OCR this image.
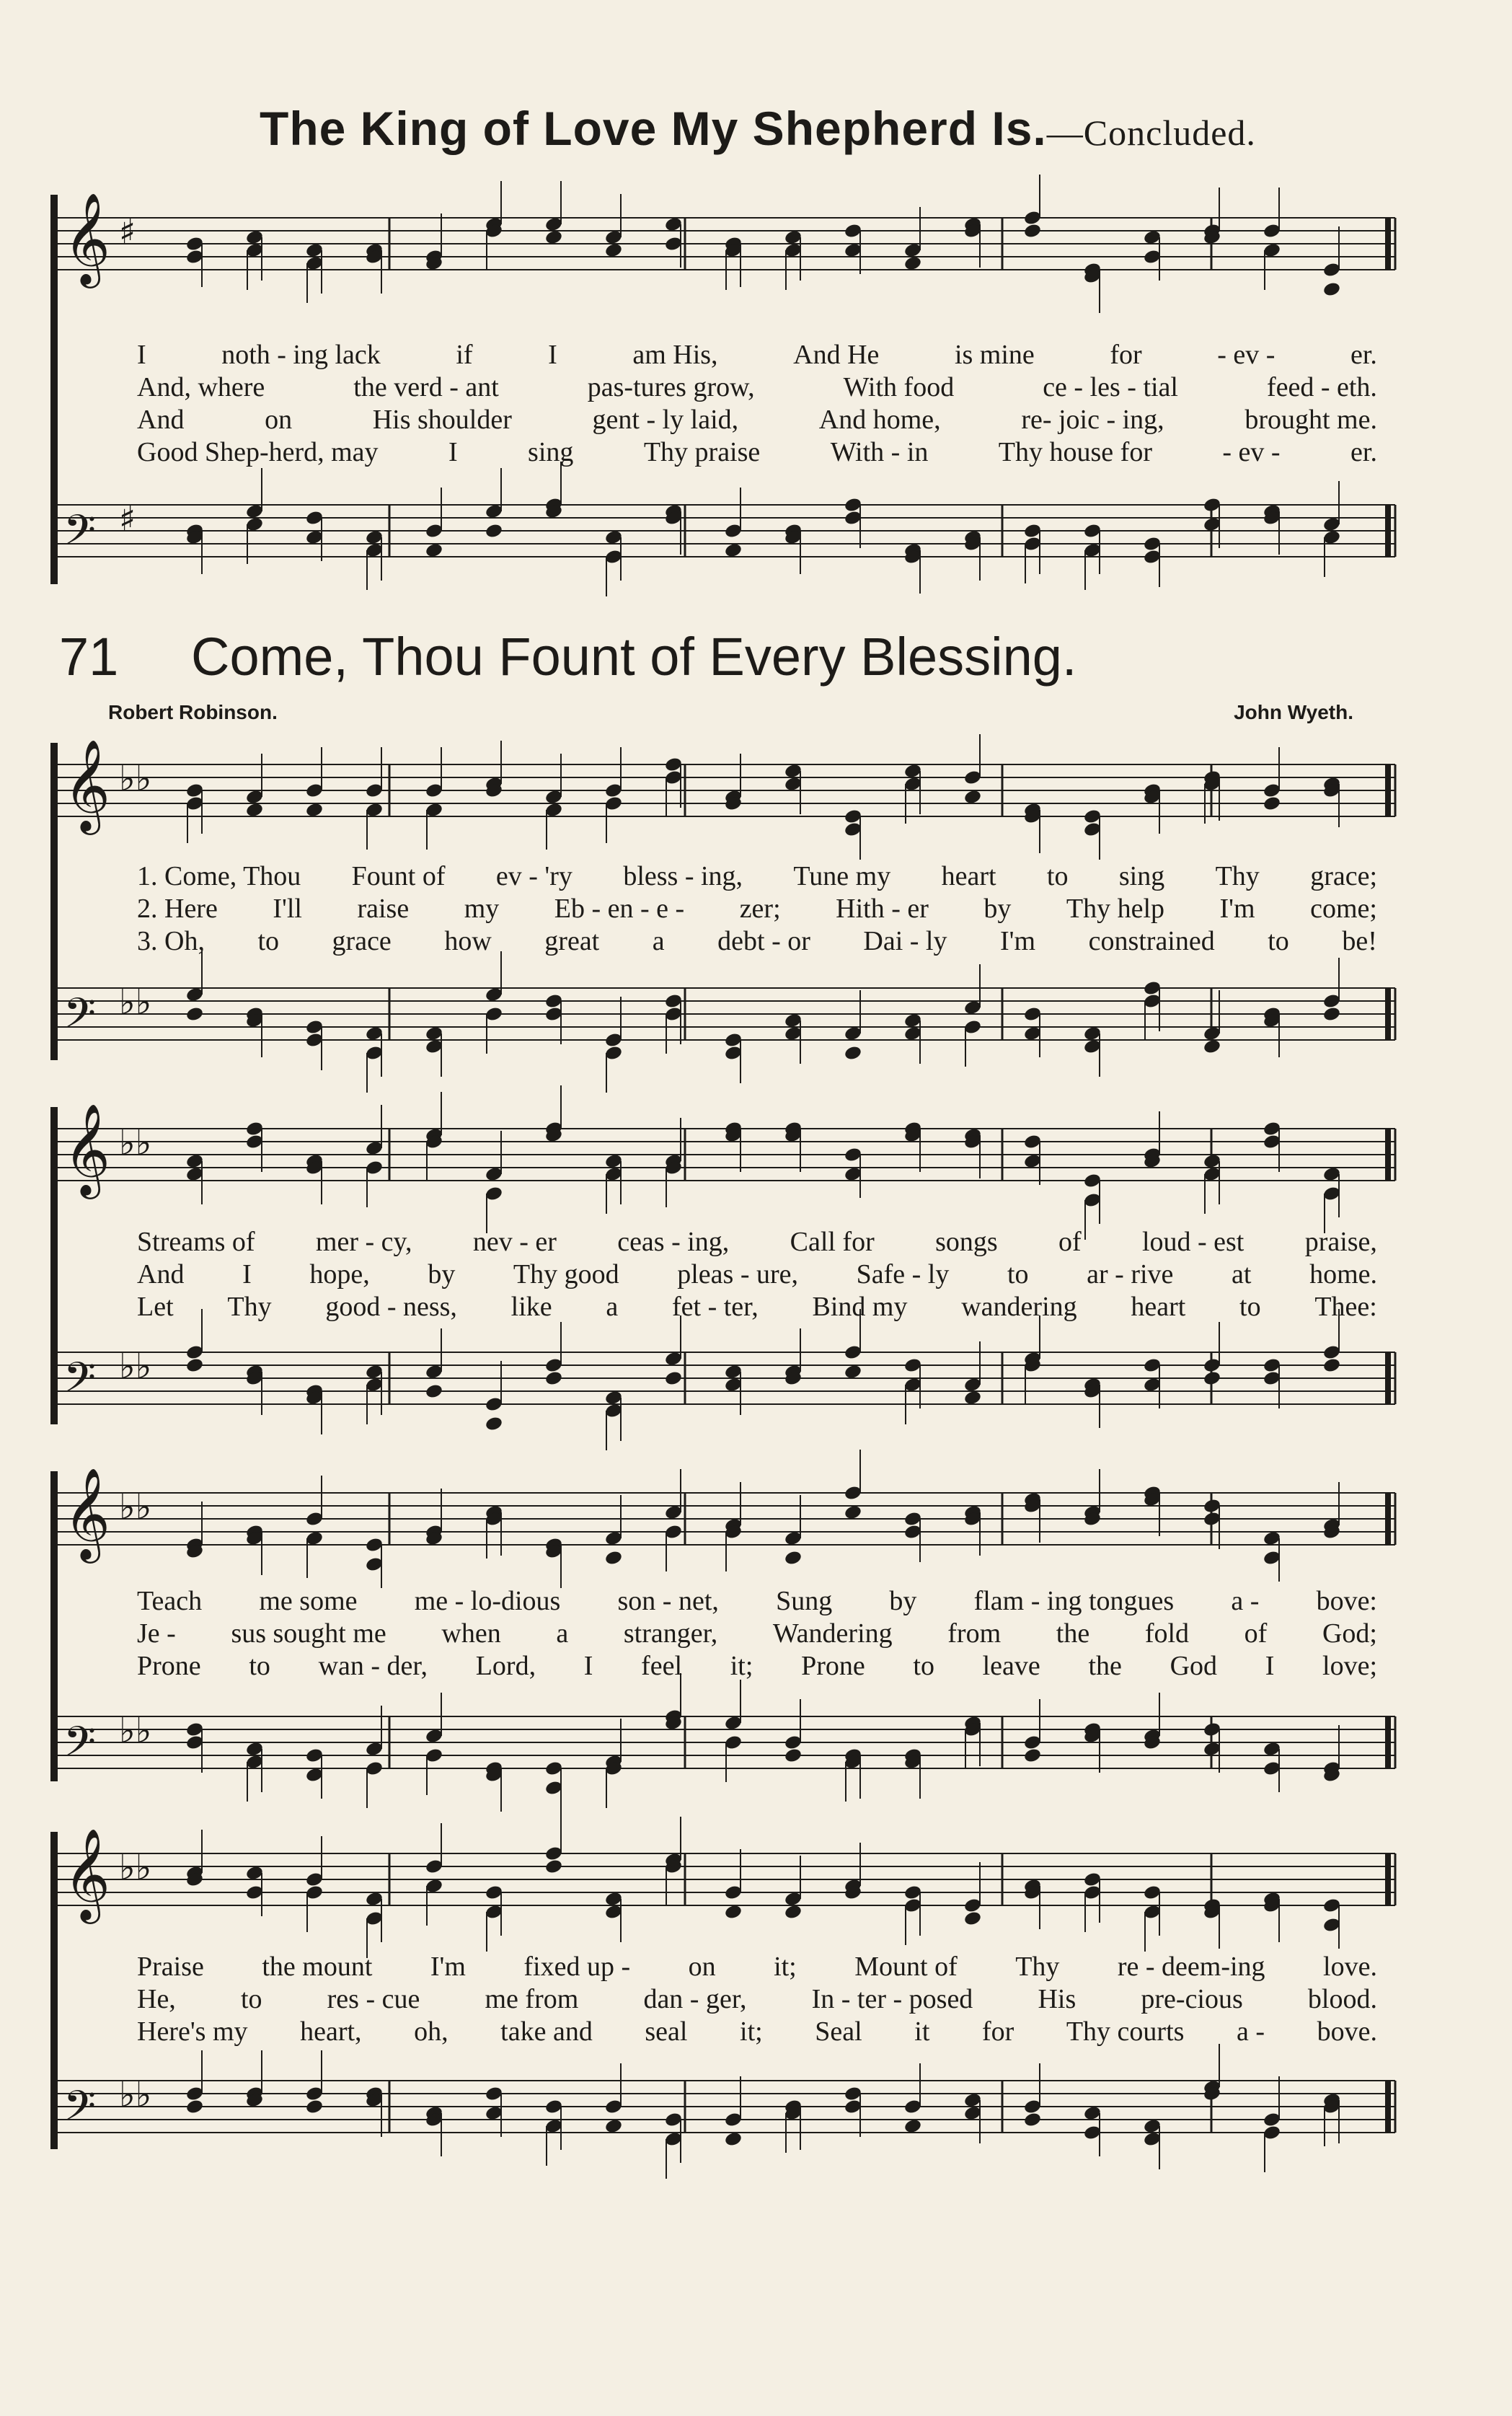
The King of Love My Shepherd Is.—Concluded.
𝄞 ♯
I	noth - ing lack	if	I	am His,	And He	is mine	for	- ev -	er.
And, where	the verd - ant	pas-tures grow,	With food	ce - les - tial	feed - eth.
And	on	His shoulder	gent - ly laid,	And home,	re- joic - ing,	brought me.
Good Shep-herd, may	I	sing	Thy praise	With - in	Thy house for	- ev -	er.
𝄢 ♯
71 Come, Thou Fount of Every Blessing.
Robert Robinson.	John Wyeth.
𝄞 ♭♭
1. Come, Thou Fount of ev - 'ry bless - ing, Tune my heart to sing Thy grace;
2. Here I'll raise my Eb - en - e - zer; Hith - er by Thy help I'm come;
3. Oh, to grace how great a debt - or Dai - ly I'm constrained to be!
𝄢 ♭♭
𝄞 ♭♭
Streams of mer - cy, nev - er ceas - ing, Call for songs of loud - est praise,
And I hope, by Thy good pleas - ure, Safe - ly to ar - rive at home.
Let Thy good - ness, like a fet - ter, Bind my wandering heart to Thee:
𝄢 ♭♭
𝄞 ♭♭
Teach me some me - lo-dious son - net, Sung by flam - ing tongues a - bove:
Je - sus sought me when a stranger, Wandering from the fold of God;
Prone to wan - der, Lord, I feel it; Prone to leave the God I love;
𝄢 ♭♭
𝄞 ♭♭
Praise the mount I'm fixed up - on it; Mount of Thy re - deem-ing love.
He, to res - cue me from dan - ger, In - ter - posed His pre-cious blood.
Here's my heart, oh, take and seal it; Seal it for Thy courts a - bove.
𝄢 ♭♭
